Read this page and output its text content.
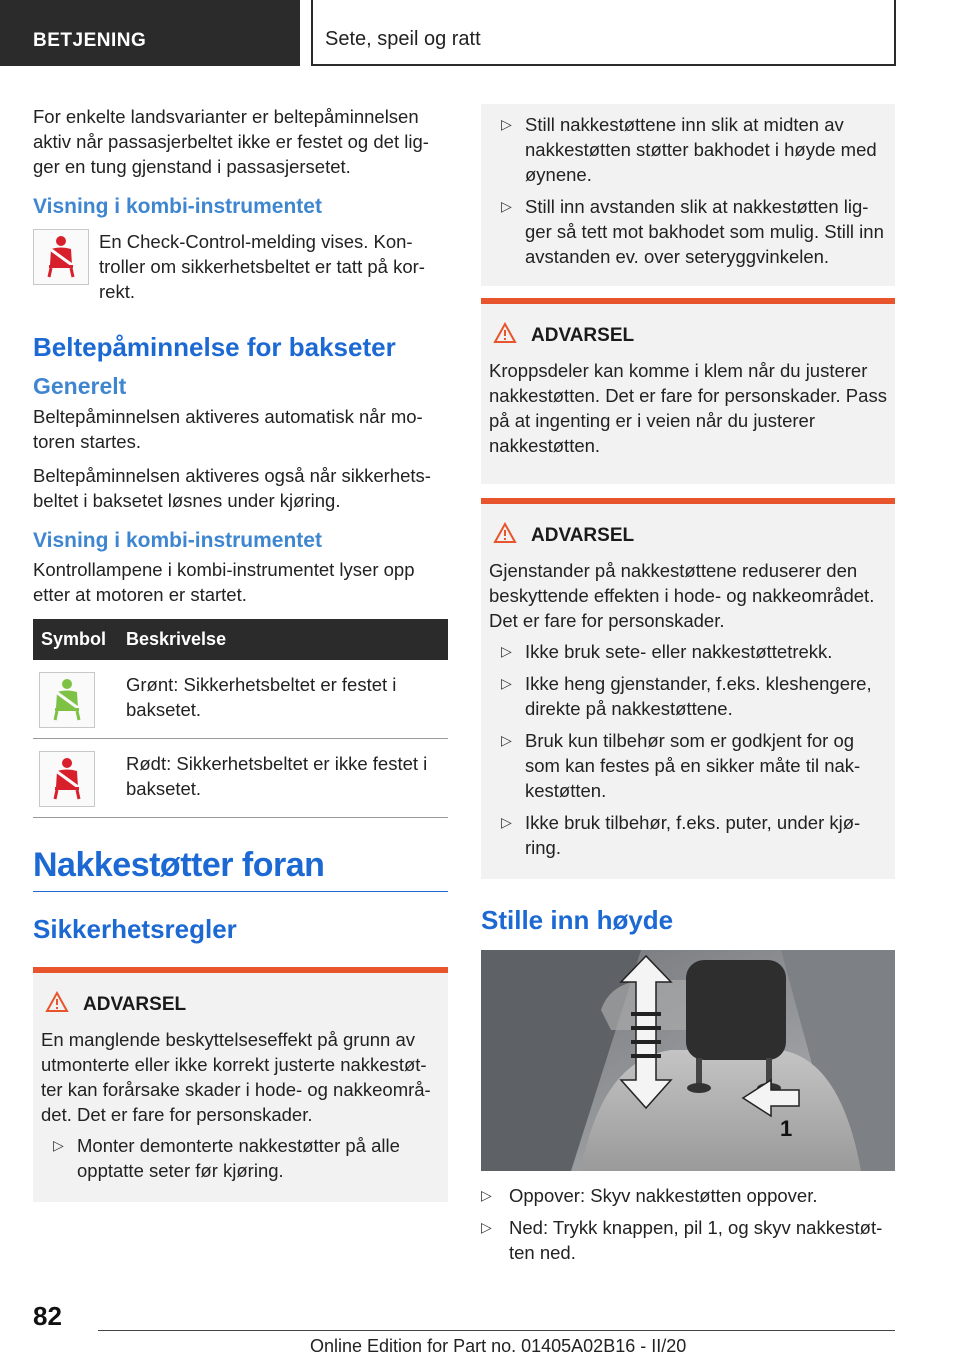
BETJENING	Sete, speil og ratt

For enkelte landsvarianter er beltepåminnelsen aktiv når passasjerbeltet ikke er festet og det lig-ger en tung gjenstand i passasjersetet.

Visning i kombi-instrumentet

En Check-Control-melding vises. Kon-troller om sikkerhetsbeltet er tatt på kor-rekt.

Beltepåminnelse for bakseter
Generelt

Beltepåminnelsen aktiveres automatisk når mo-toren startes.

Beltepåminnelsen aktiveres også når sikkerhets-beltet i baksetet løsnes under kjøring.

Visning i kombi-instrumentet

Kontrollampene i kombi-instrumentet lyser opp etter at motoren er startet.

Symbol	Beskrivelse

	Grønt: Sikkerhetsbeltet er festet i baksetet.

	Rødt: Sikkerhetsbeltet er ikke festet i baksetet.
Nakkestøtter foran
Sikkerhetsregler
ADVARSEL

En manglende beskyttelseseffekt på grunn av utmonterte eller ikke korrekt justerte nakkestøt-ter kan forårsake skader i hode- og nakkeområ-det. Det er fare for personskader.

▷ Monter demonterte nakkestøtter på alle opptatte seter før kjøring.
▷ Still nakkestøttene inn slik at midten av nakkestøtten støtter bakhodet i høyde med øynene.
▷ Still inn avstanden slik at nakkestøtten lig-ger så tett mot bakhodet som mulig. Still inn avstanden ev. over seteryggvinkelen.
ADVARSEL

Kroppsdeler kan komme i klem når du justerer nakkestøtten. Det er fare for personskader. Pass på at ingenting er i veien når du justerer nakkestøtten.

ADVARSEL

Gjenstander på nakkestøttene reduserer den beskyttende effekten i hode- og nakkeområdet. Det er fare for personskader.

▷ Ikke bruk sete- eller nakkestøttetrekk.
▷ Ikke heng gjenstander, f.eks. kleshengere, direkte på nakkestøttene.
▷ Bruk kun tilbehør som er godkjent for og som kan festes på en sikker måte til nak-kestøtten.
▷ Ikke bruk tilbehør, f.eks. puter, under kjø-ring.
Stille inn høyde
1
▷ Oppover: Skyv nakkestøtten oppover.
▷ Ned: Trykk knappen, pil 1, og skyv nakkestøt-ten ned.
82
Online Edition for Part no. 01405A02B16 - II/20
